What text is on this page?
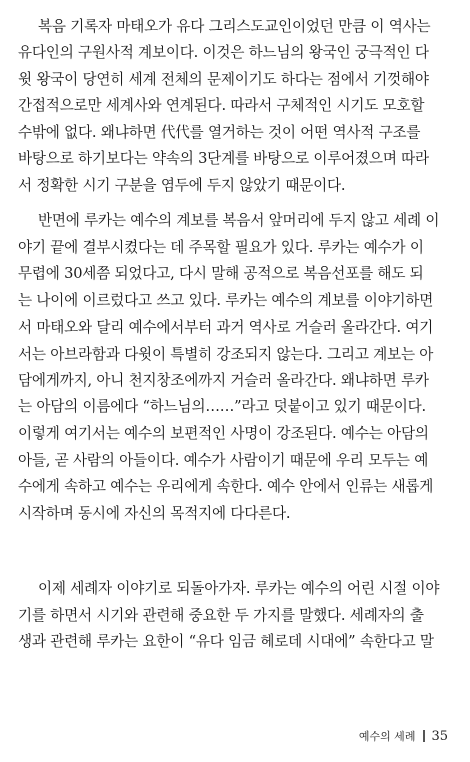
복음 기록자 마태오가 유다 그리스도교인이었던 만큼 이 역사는
유다인의 구원사적 계보이다. 이것은 하느님의 왕국인 궁극적인 다
윗 왕국이 당연히 세계 전체의 문제이기도 하다는 점에서 기껏해야
간접적으로만 세계사와 연계된다. 따라서 구체적인 시기도 모호할
수밖에 없다. 왜냐하면 代代를 열거하는 것이 어떤 역사적 구조를
바탕으로 하기보다는 약속의 3단계를 바탕으로 이루어졌으며 따라
서 정확한 시기 구분을 염두에 두지 않았기 때문이다.
반면에 루카는 예수의 계보를 복음서 앞머리에 두지 않고 세례 이
야기 끝에 결부시켰다는 데 주목할 필요가 있다. 루카는 예수가 이
무렵에 30세쯤 되었다고, 다시 말해 공적으로 복음선포를 해도 되
는 나이에 이르렀다고 쓰고 있다. 루카는 예수의 계보를 이야기하면
서 마태오와 달리 예수에서부터 과거 역사로 거슬러 올라간다. 여기
서는 아브라함과 다윗이 특별히 강조되지 않는다. 그리고 계보는 아
담에게까지, 아니 천지창조에까지 거슬러 올라간다. 왜냐하면 루카
는 아담의 이름에다 “하느님의……”라고 덧붙이고 있기 때문이다.
이렇게 여기서는 예수의 보편적인 사명이 강조된다. 예수는 아담의
아들, 곧 사람의 아들이다. 예수가 사람이기 때문에 우리 모두는 예
수에게 속하고 예수는 우리에게 속한다. 예수 안에서 인류는 새롭게
시작하며 동시에 자신의 목적지에 다다른다.
이제 세례자 이야기로 되돌아가자. 루카는 예수의 어린 시절 이야
기를 하면서 시기와 관련해 중요한 두 가지를 말했다. 세례자의 출
생과 관련해 루카는 요한이 “유다 임금 헤로데 시대에” 속한다고 말
예수의 세례 35
